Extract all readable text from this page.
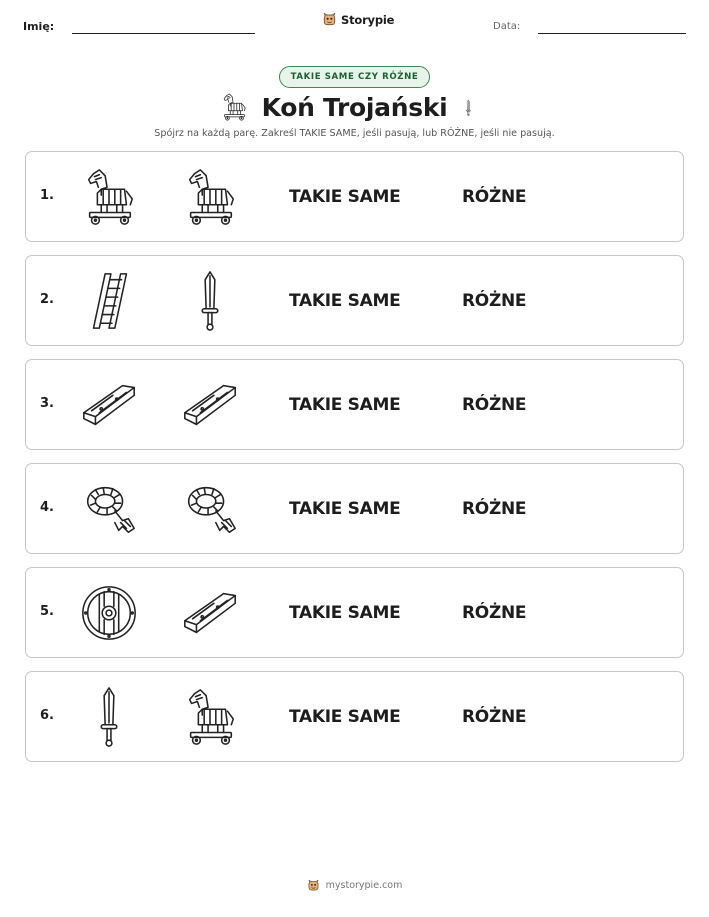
Imię:	Storypie	Data:
TAKIE SAME CZY RÓŻNE
Koń Trojański
Spójrz na każdą parę. Zakreśl TAKIE SAME, jeśli pasują, lub RÓŻNE, jeśli nie pasują.
1.	TAKIE SAME	RÓŻNE
2.	TAKIE SAME	RÓŻNE
3.	TAKIE SAME	RÓŻNE
4.	TAKIE SAME	RÓŻNE
5.	TAKIE SAME	RÓŻNE
6.	TAKIE SAME	RÓŻNE
mystorypie.com
